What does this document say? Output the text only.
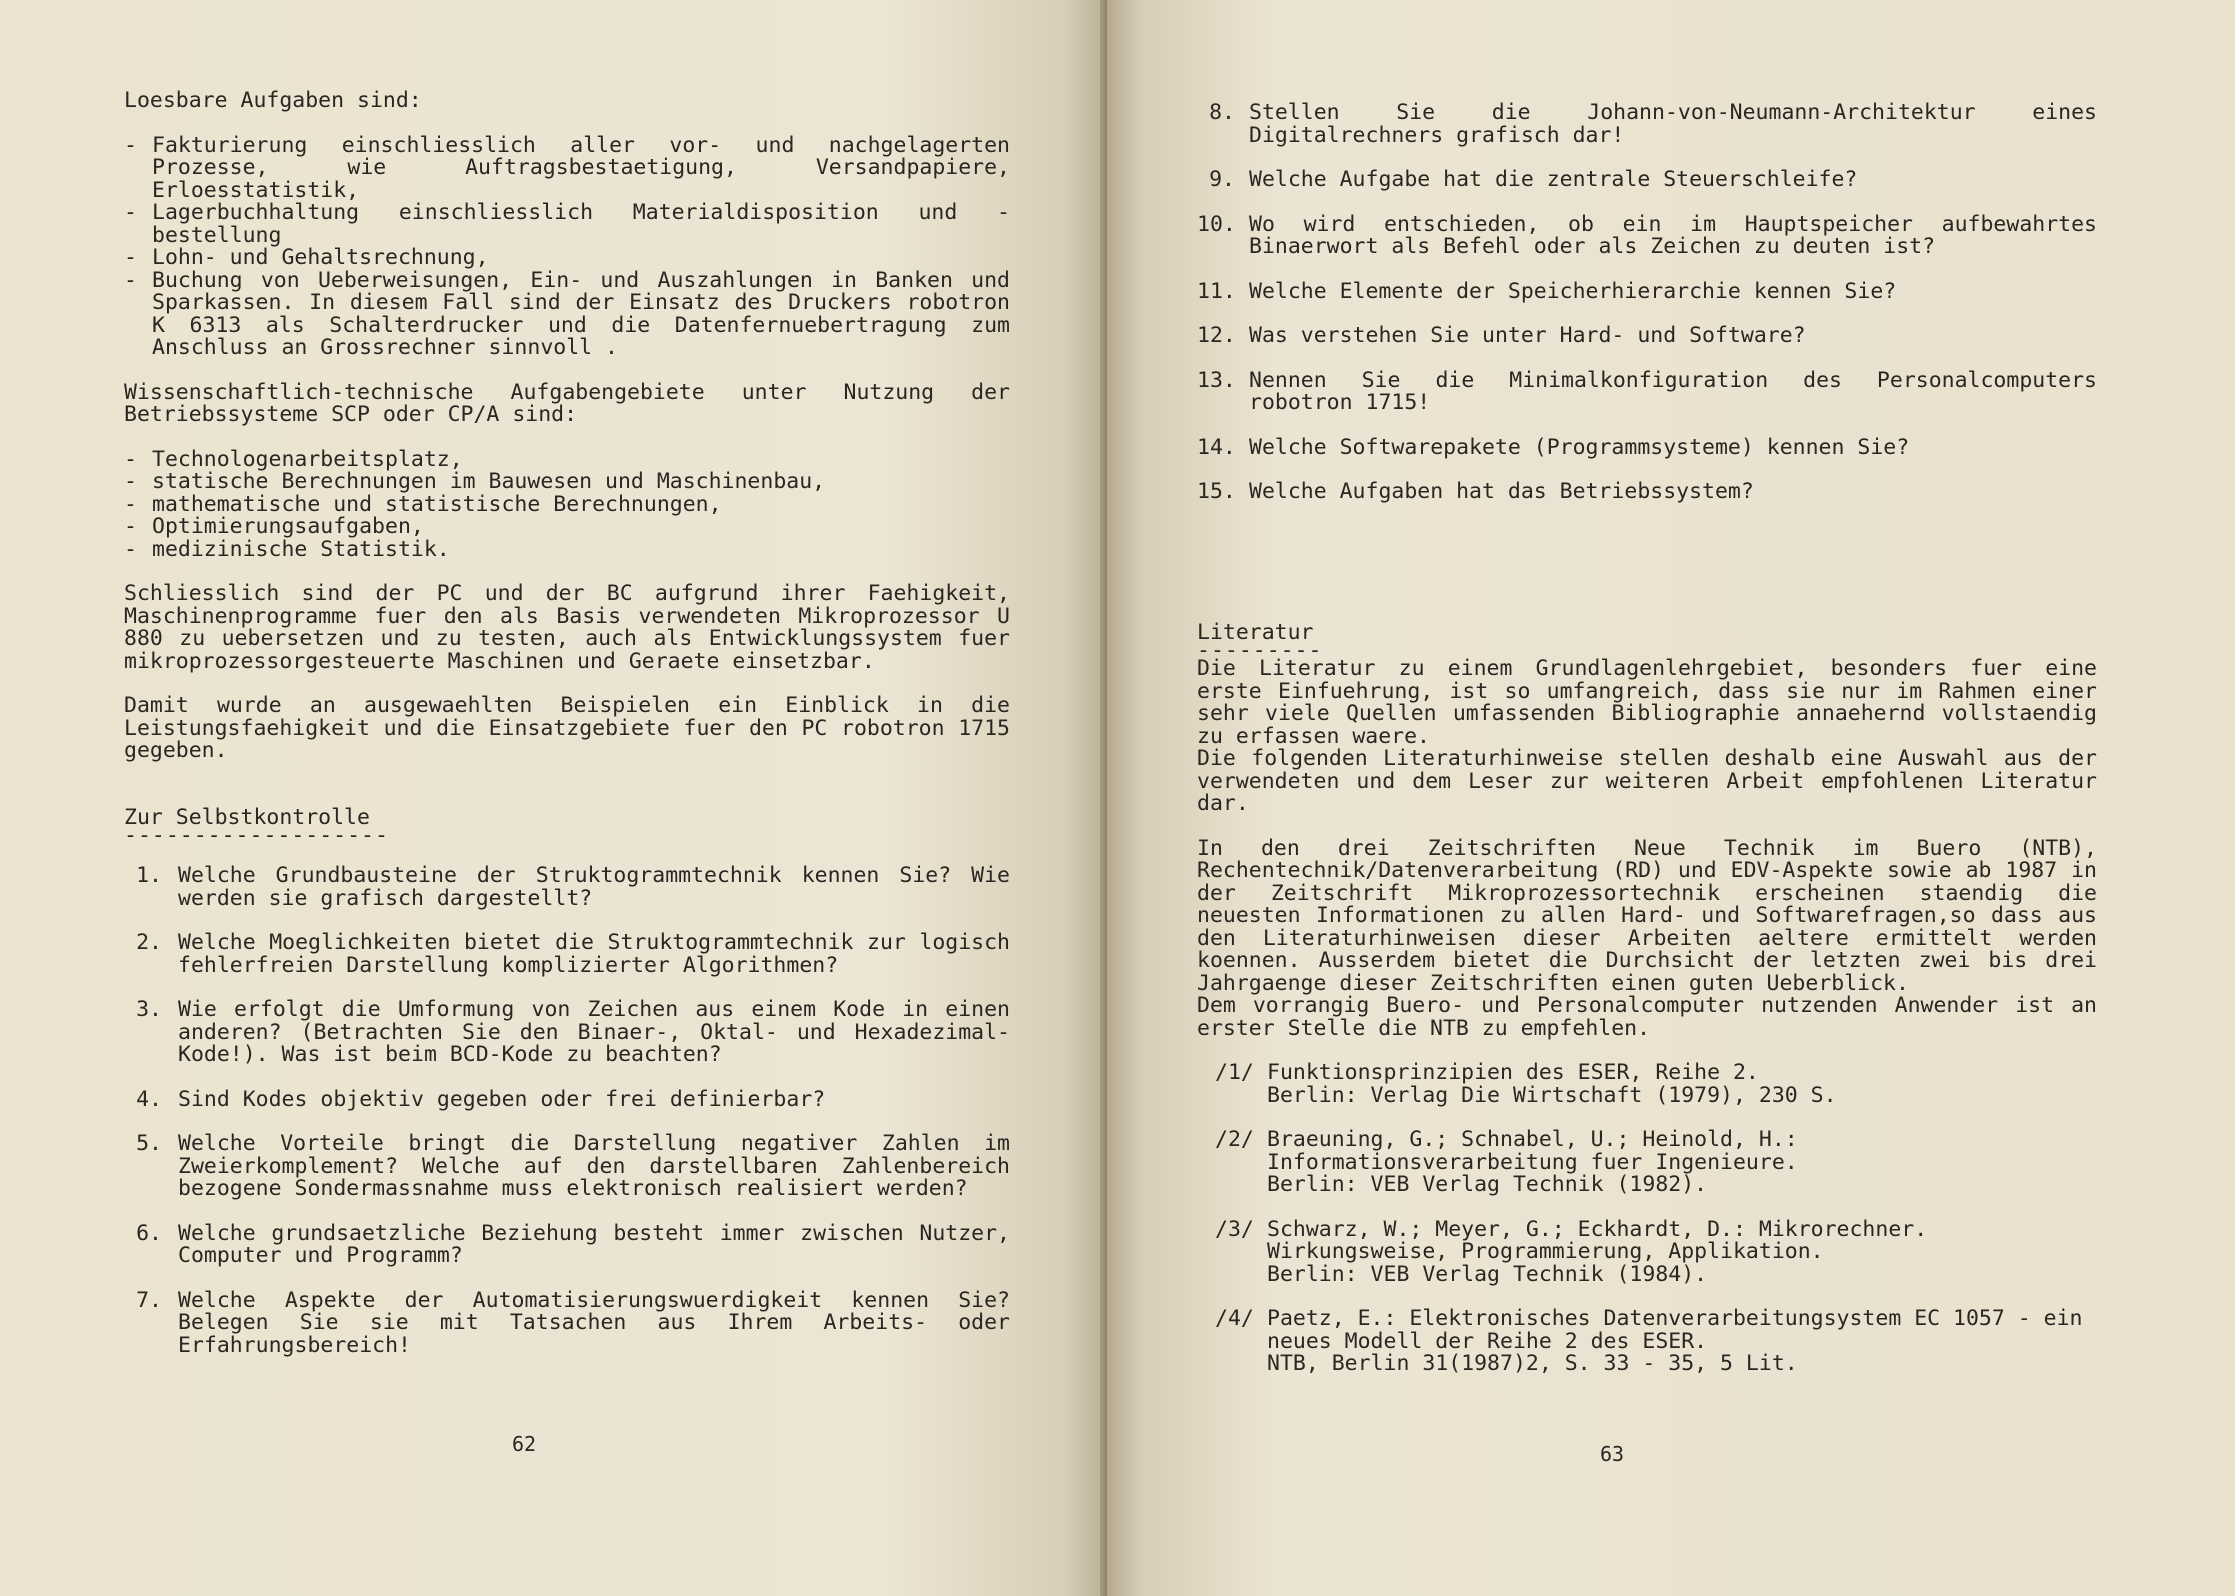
Loesbare Aufgaben sind:

- Fakturierung einschliesslich aller vor- und nachgelagerten Prozesse, wie Auftragsbestaetigung, Versandpapiere, Erloesstatistik,
- Lagerbuchhaltung einschliesslich Materialdisposition und -bestellung
- Lohn- und Gehaltsrechnung,
- Buchung von Ueberweisungen, Ein- und Auszahlungen in Banken und Sparkassen. In diesem Fall sind der Einsatz des Druckers robotron K 6313 als Schalterdrucker und die Datenfernuebertragung zum Anschluss an Grossrechner sinnvoll .

Wissenschaftlich-technische Aufgabengebiete unter Nutzung der Betriebssysteme SCP oder CP/A sind:

- Technologenarbeitsplatz,
- statische Berechnungen im Bauwesen und Maschinenbau,
- mathematische und statistische Berechnungen,
- Optimierungsaufgaben,
- medizinische Statistik.

Schliesslich sind der PC und der BC aufgrund ihrer Faehigkeit, Maschinenprogramme fuer den als Basis verwendeten Mikroprozessor U 880 zu uebersetzen und zu testen, auch als Entwicklungssystem fuer mikroprozessorgesteuerte Maschinen und Geraete einsetzbar.

Damit wurde an ausgewaehlten Beispielen ein Einblick in die Leistungsfaehigkeit und die Einsatzgebiete fuer den PC robotron 1715 gegeben.

Zur Selbstkontrolle

-------------------

1. Welche Grundbausteine der Struktogrammtechnik kennen Sie? Wie werden sie grafisch dargestellt?
2. Welche Moeglichkeiten bietet die Struktogrammtechnik zur logisch fehlerfreien Darstellung komplizierter Algorithmen?
3. Wie erfolgt die Umformung von Zeichen aus einem Kode in einen anderen? (Betrachten Sie den Binaer-, Oktal- und Hexadezimal-Kode!). Was ist beim BCD-Kode zu beachten?
4. Sind Kodes objektiv gegeben oder frei definierbar?
5. Welche Vorteile bringt die Darstellung negativer Zahlen im Zweierkomplement? Welche auf den darstellbaren Zahlenbereich bezogene Sondermassnahme muss elektronisch realisiert werden?
6. Welche grundsaetzliche Beziehung besteht immer zwischen Nutzer, Computer und Programm?
7. Welche Aspekte der Automatisierungswuerdigkeit kennen Sie? Belegen Sie sie mit Tatsachen aus Ihrem Arbeits- oder Erfahrungsbereich!
62
8. Stellen Sie die Johann-von-Neumann-Architektur eines Digitalrechners grafisch dar!
9. Welche Aufgabe hat die zentrale Steuerschleife?
10. Wo wird entschieden, ob ein im Hauptspeicher aufbewahrtes Binaerwort als Befehl oder als Zeichen zu deuten ist?
11. Welche Elemente der Speicherhierarchie kennen Sie?
12. Was verstehen Sie unter Hard- und Software?
13. Nennen Sie die Minimalkonfiguration des Personalcomputers robotron 1715!
14. Welche Softwarepakete (Programmsysteme) kennen Sie?
15. Welche Aufgaben hat das Betriebssystem?

Literatur

---------

Die Literatur zu einem Grundlagenlehrgebiet, besonders fuer eine erste Einfuehrung, ist so umfangreich, dass sie nur im Rahmen einer sehr viele Quellen umfassenden Bibliographie annaehernd vollstaendig zu erfassen waere.

Die folgenden Literaturhinweise stellen deshalb eine Auswahl aus der verwendeten und dem Leser zur weiteren Arbeit empfohlenen Literatur dar.

In den drei Zeitschriften Neue Technik im Buero (NTB), Rechentechnik/Datenverarbeitung (RD) und EDV-Aspekte sowie ab 1987 in der Zeitschrift Mikroprozessortechnik erscheinen staendig die neuesten Informationen zu allen Hard- und Softwarefragen,so dass aus den Literaturhinweisen dieser Arbeiten aeltere ermittelt werden koennen. Ausserdem bietet die Durchsicht der letzten zwei bis drei Jahrgaenge dieser Zeitschriften einen guten Ueberblick.

Dem vorrangig Buero- und Personalcomputer nutzenden Anwender ist an erster Stelle die NTB zu empfehlen.

/1/ Funktionsprinzipien des ESER, Reihe 2.
Berlin: Verlag Die Wirtschaft (1979), 230 S.
/2/ Braeuning, G.; Schnabel, U.; Heinold, H.: Informationsverarbeitung fuer Ingenieure.
Berlin: VEB Verlag Technik (1982).
/3/ Schwarz, W.; Meyer, G.; Eckhardt, D.: Mikrorechner. Wirkungsweise, Programmierung, Applikation.
Berlin: VEB Verlag Technik (1984).
/4/ Paetz, E.: Elektronisches Datenverarbeitungsystem EC 1057 - ein neues Modell der Reihe 2 des ESER.
NTB, Berlin 31(1987)2, S. 33 - 35, 5 Lit.
63
